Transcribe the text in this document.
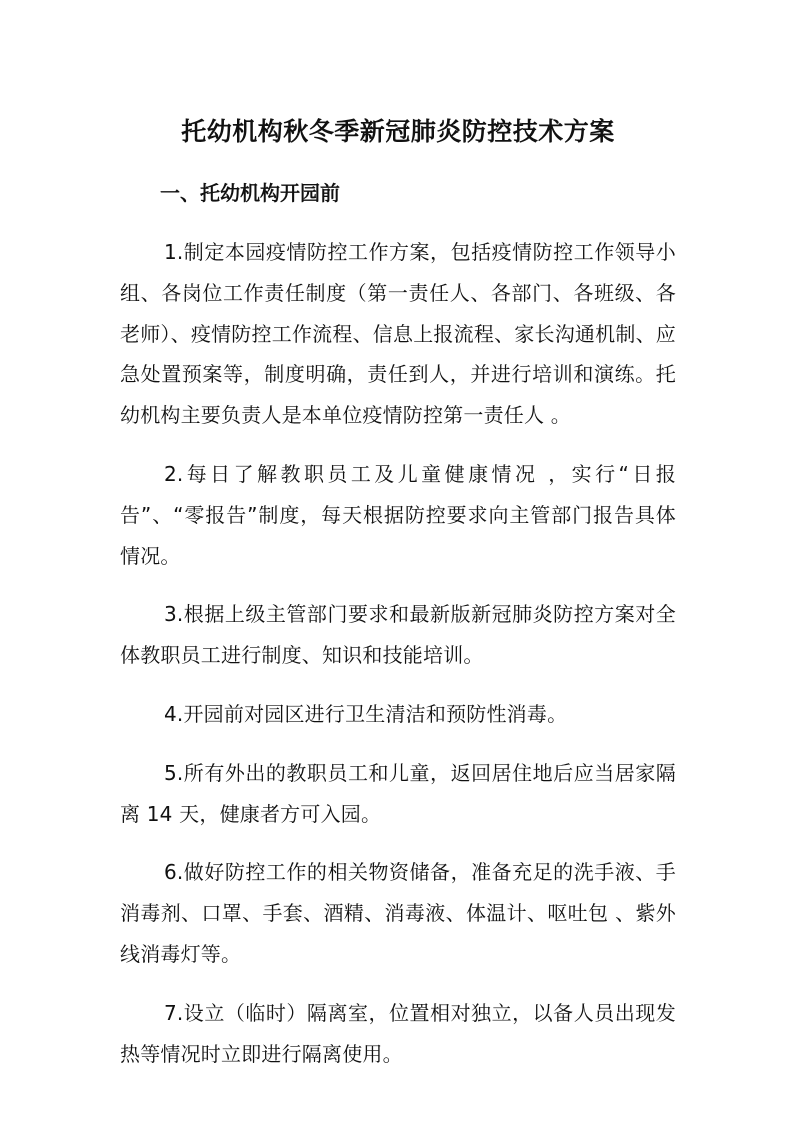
托幼机构秋冬季新冠肺炎防控技术方案
一、托幼机构开园前

1.制定本园疫情防控工作方案，包括疫情防控工作领导小组、各岗位工作责任制度（第一责任人、各部门、各班级、各老师）、疫情防控工作流程、信息上报流程、家长沟通机制、应急处置预案等，制度明确，责任到人，并进行培训和演练。托幼机构主要负责人是本单位疫情防控第一责任人 。

2.每日了解教职员工及儿童健康情况 ，实行“日报告”、“零报告”制度，每天根据防控要求向主管部门报告具体情况。

3.根据上级主管部门要求和最新版新冠肺炎防控方案对全体教职员工进行制度、知识和技能培训。

4.开园前对园区进行卫生清洁和预防性消毒。

5.所有外出的教职员工和儿童，返回居住地后应当居家隔离 14 天，健康者方可入园。

6.做好防控工作的相关物资储备，准备充足的洗手液、手消毒剂、口罩、手套、酒精、消毒液、体温计、呕吐包 、紫外线消毒灯等。

7.设立（临时）隔离室，位置相对独立，以备人员出现发热等情况时立即进行隔离使用。
